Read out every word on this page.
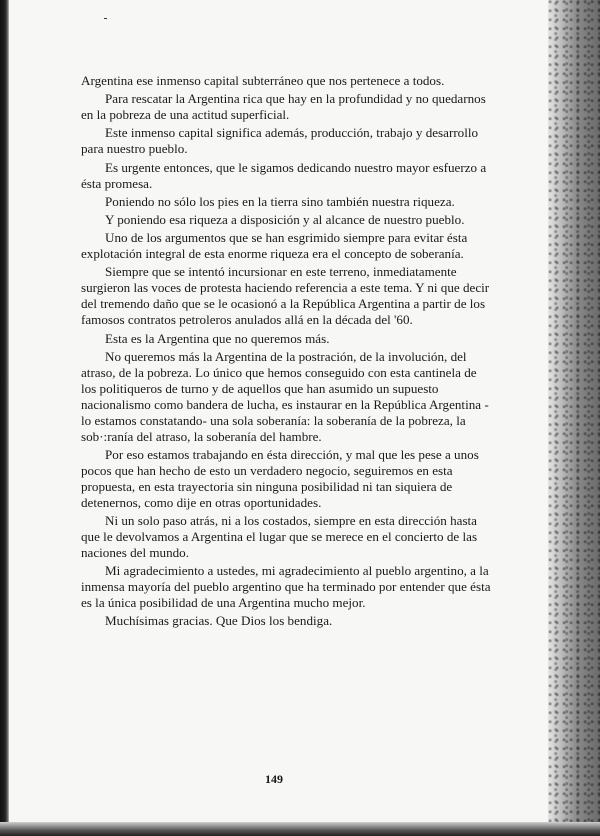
Argentina ese inmenso capital subterráneo que nos pertenece a todos.

Para rescatar la Argentina rica que hay en la profundidad y no quedarnos en la pobreza de una actitud superficial.

Este inmenso capital significa además, producción, trabajo y desarrollo para nuestro pueblo.

Es urgente entonces, que le sigamos dedicando nuestro mayor esfuerzo a ésta promesa.

Poniendo no sólo los pies en la tierra sino también nuestra riqueza.

Y poniendo esa riqueza a disposición y al alcance de nuestro pueblo.

Uno de los argumentos que se han esgrimido siempre para evitar ésta explotación integral de esta enorme riqueza era el concepto de soberanía.

Siempre que se intentó incursionar en este terreno, inmediatamente surgieron las voces de protesta haciendo referencia a este tema. Y ni que decir del tremendo daño que se le ocasionó a la República Argentina a partir de los famosos contratos petroleros anulados allá en la década del '60.

Esta es la Argentina que no queremos más.

No queremos más la Argentina de la postración, de la involución, del atraso, de la pobreza. Lo único que hemos conseguido con esta cantinela de los politiqueros de turno y de aquellos que han asumido un supuesto nacionalismo como bandera de lucha, es instaurar en la República Argentina -lo estamos constatando- una sola soberanía: la soberanía de la pobreza, la sob·:ranía del atraso, la soberanía del hambre.

Por eso estamos trabajando en ésta dirección, y mal que les pese a unos pocos que han hecho de esto un verdadero negocio, seguiremos en esta propuesta, en esta trayectoria sin ninguna posibilidad ni tan siquiera de detenernos, como dije en otras oportunidades.

Ni un solo paso atrás, ni a los costados, siempre en esta dirección hasta que le devolvamos a Argentina el lugar que se merece en el concierto de las naciones del mundo.

Mi agradecimiento a ustedes, mi agradecimiento al pueblo argentino, a la inmensa mayoría del pueblo argentino que ha terminado por entender que ésta es la única posibilidad de una Argentina mucho mejor.

Muchísimas gracias. Que Dios los bendiga.

149
